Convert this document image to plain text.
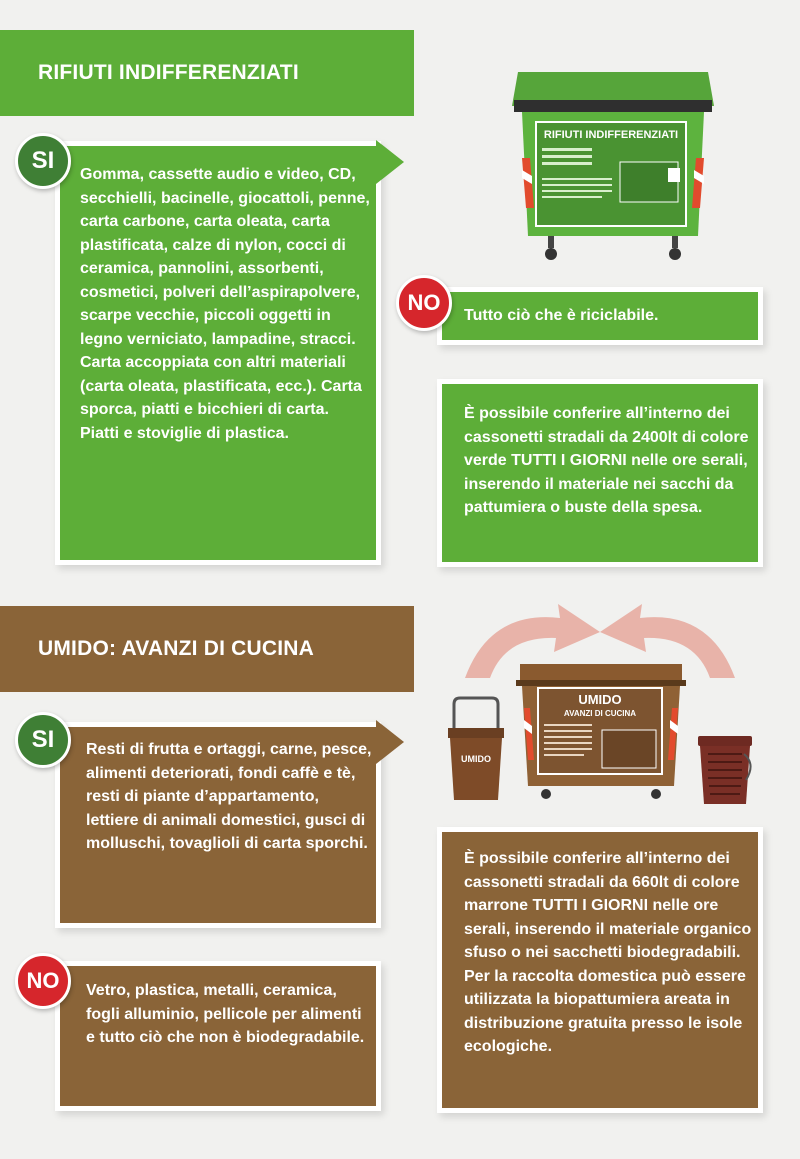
RIFIUTI INDIFFERENZIATI
Gomma, cassette audio e video, CD, secchielli, bacinelle, giocattoli, penne, carta carbone, carta oleata, carta plastificata, calze di nylon, cocci di ceramica, pannolini, assorbenti, cosmetici, polveri dell’aspirapolvere, scarpe vecchie, piccoli oggetti in legno verniciato, lampadine, stracci. Carta accoppiata con altri materiali (carta oleata, plastificata, ecc.). Carta sporca, piatti e bicchieri di carta. Piatti e stoviglie di plastica.
SI
Tutto ciò che è riciclabile.
NO
È possibile conferire all’interno dei cassonetti stradali da 2400lt di colore verde TUTTI I GIORNI nelle ore serali, inserendo il materiale nei sacchi da pattumiera o buste della spesa.
RIFIUTI INDIFFERENZIATI
UMIDO: AVANZI DI CUCINA
Resti di frutta e ortaggi, carne, pesce, alimenti deteriorati, fondi caffè e tè, resti di piante d’appartamento, lettiere di animali domestici, gusci di molluschi, tovaglioli di carta sporchi.
SI
Vetro, plastica, metalli, ceramica, fogli alluminio, pellicole per alimenti e tutto ciò che non è biodegradabile.
NO
È possibile conferire all’interno dei cassonetti stradali da 660lt di colore marrone TUTTI I GIORNI nelle ore serali, inserendo il materiale organico sfuso o nei sacchetti biodegradabili. Per la raccolta domestica può essere utilizzata la biopattumiera areata in distribuzione gratuita presso le isole ecologiche.
UMIDO
UMIDO
AVANZI DI CUCINA
